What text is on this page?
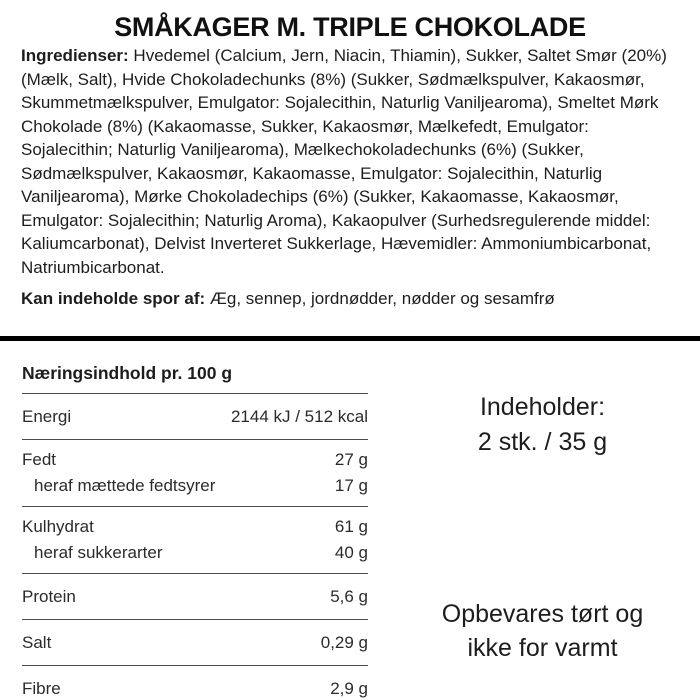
SMÅKAGER M. TRIPLE CHOKOLADE
Ingredienser: Hvedemel (Calcium, Jern, Niacin, Thiamin), Sukker, Saltet Smør (20%) (Mælk, Salt), Hvide Chokoladechunks (8%) (Sukker, Sødmælkspulver, Kakaosmør, Skummetmælkspulver, Emulgator: Sojalecithin, Naturlig Vaniljearoma), Smeltet Mørk Chokolade (8%) (Kakaomasse, Sukker, Kakaosmør, Mælkefedt, Emulgator: Sojalecithin; Naturlig Vaniljearoma), Mælkechokoladechunks (6%) (Sukker, Sødmælkspulver, Kakaosmør, Kakaomasse, Emulgator: Sojalecithin, Naturlig Vaniljearoma), Mørke Chokoladechips (6%) (Sukker, Kakaomasse, Kakaosmør, Emulgator: Sojalecithin; Naturlig Aroma), Kakaopulver (Surhedsregulerende middel: Kaliumcarbonat), Delvist Inverteret Sukkerlage, Hævemidler: Ammoniumbicarbonat, Natriumbicarbonat.
Kan indeholde spor af: Æg, sennep, jordnødder, nødder og sesamfrø
Næringsindhold pr. 100 g
Energi	2144 kJ / 512 kcal
Fedt	27 g
heraf mættede fedtsyrer	17 g
Kulhydrat	61 g
heraf sukkerarter	40 g
Protein	5,6 g
Salt	0,29 g
Fibre	2,9 g
Indeholder:
2 stk. / 35 g
Opbevares tørt og
ikke for varmt
